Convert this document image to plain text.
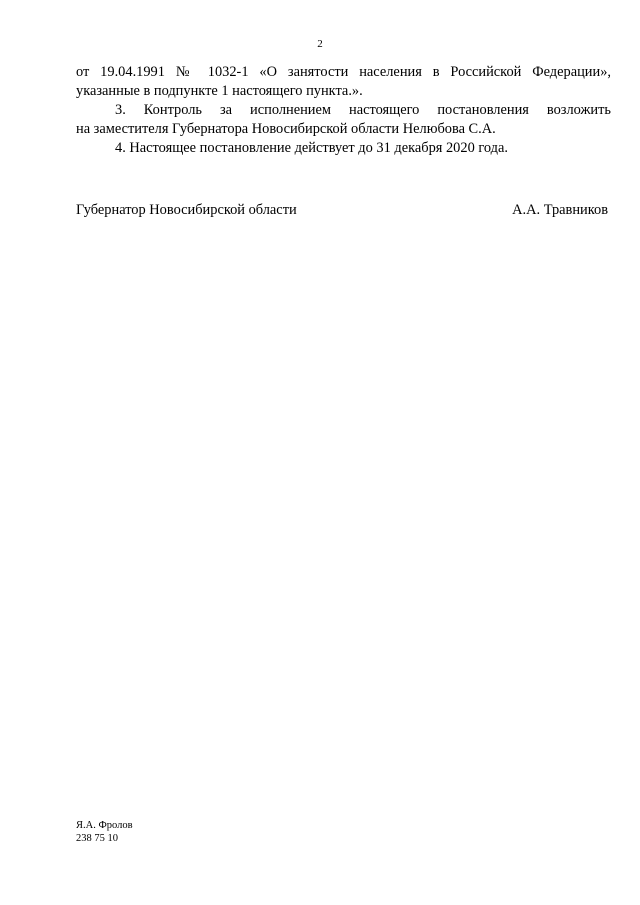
2
от 19.04.1991 № 1032-1 «О занятости населения в Российской Федерации»,
указанные в подпункте 1 настоящего пункта.».
3. Контроль за исполнением настоящего постановления возложить
на заместителя Губернатора Новосибирской области Нелюбова С.А.
4. Настоящее постановление действует до 31 декабря 2020 года.
Губернатор Новосибирской области	А.А. Травников
Я.А. Фролов
238 75 10
